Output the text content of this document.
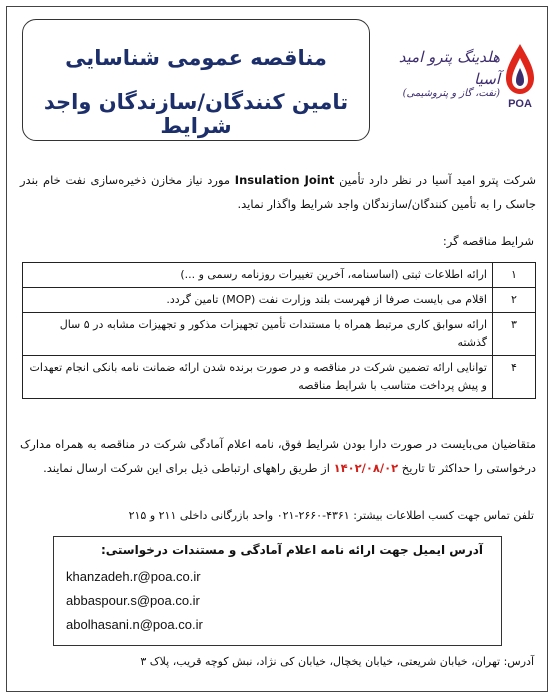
مناقصه عمومی شناسایی
تامین کنندگان/سازندگان واجد شرایط
هلدینگ پترو امید آسیا
(نفت، گاز و پتروشیمی)
POA
شرکت پترو امید آسیا در نظر دارد تأمین Insulation Joint مورد نیاز مخازن ذخیره‌سازی نفت خام بندر جاسک را به تأمین کنندگان/سازندگان واجد شرایط واگذار نماید.
شرایط مناقصه گر:
۱	ارائه اطلاعات ثبتی (اساسنامه، آخرین تغییرات روزنامه رسمی و ...)
۲	اقلام می بایست صرفا از فهرست بلند وزارت نفت (MOP) تامین گردد.
۳	ارائه سوابق کاری مرتبط همراه با مستندات تأمین تجهیزات مذکور و تجهیزات مشابه در ۵ سال گذشته
۴	توانایی ارائه تضمین شرکت در مناقصه و در صورت برنده شدن ارائه ضمانت نامه بانکی انجام تعهدات و پیش پرداخت متناسب با شرایط مناقصه
متقاضیان می‌بایست در صورت دارا بودن شرایط فوق، نامه اعلام آمادگی شرکت در مناقصه به همراه مدارک درخواستی را حداکثر تا تاریخ ۱۴۰۲/۰۸/۰۲ از طریق راههای ارتباطی ذیل برای این شرکت ارسال نمایند.
تلفن تماس جهت کسب اطلاعات بیشتر: ۴۳۶۱-۲۶۶۰-۰۲۱ واحد بازرگانی داخلی ۲۱۱ و ۲۱۵
آدرس ایمیل جهت ارائه نامه اعلام آمادگی و مستندات درخواستی:
khanzadeh.r@poa.co.ir
abbaspour.s@poa.co.ir
abolhasani.n@poa.co.ir
آدرس: تهران، خیابان شریعتی، خیابان یخچال، خیابان کی نژاد، نبش کوچه قریب، پلاک ۳
